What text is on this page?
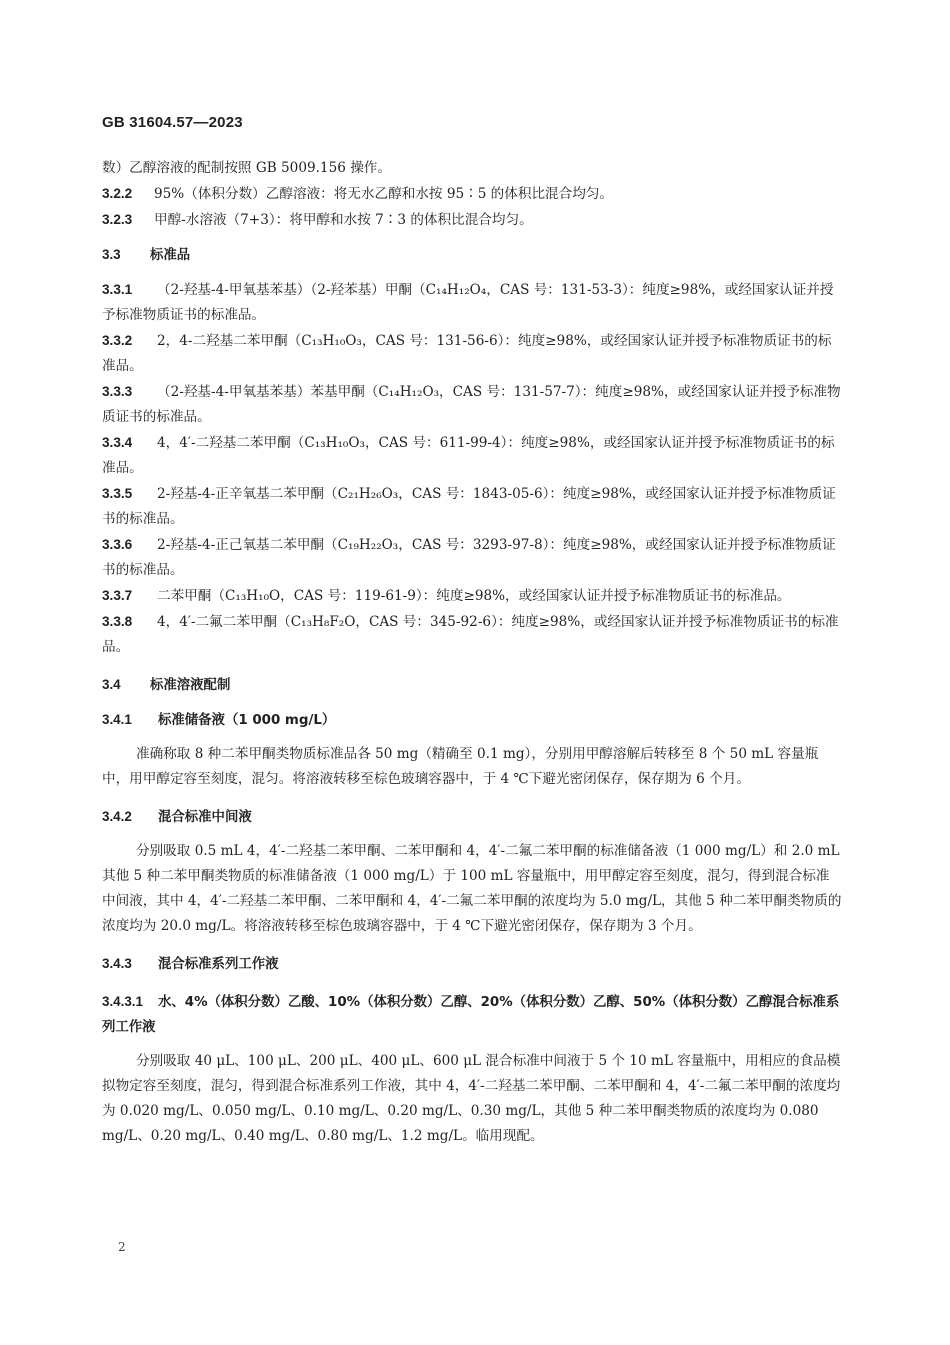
GB 31604.57—2023

数）乙醇溶液的配制按照 GB 5009.156 操作。

3.2.2 95%（体积分数）乙醇溶液：将无水乙醇和水按 95∶5 的体积比混合均匀。

3.2.3 甲醇-水溶液（7+3）：将甲醇和水按 7∶3 的体积比混合均匀。

3.3 标准品

3.3.1 （2-羟基-4-甲氧基苯基）（2-羟苯基）甲酮（C₁₄H₁₂O₄，CAS 号：131-53-3）：纯度≥98%，或经国家认证并授予标准物质证书的标准品。

3.3.2 2，4-二羟基二苯甲酮（C₁₃H₁₀O₃，CAS 号：131-56-6）：纯度≥98%，或经国家认证并授予标准物质证书的标准品。

3.3.3 （2-羟基-4-甲氧基苯基）苯基甲酮（C₁₄H₁₂O₃，CAS 号：131-57-7）：纯度≥98%，或经国家认证并授予标准物质证书的标准品。

3.3.4 4，4′-二羟基二苯甲酮（C₁₃H₁₀O₃，CAS 号：611-99-4）：纯度≥98%，或经国家认证并授予标准物质证书的标准品。

3.3.5 2-羟基-4-正辛氧基二苯甲酮（C₂₁H₂₆O₃，CAS 号：1843-05-6）：纯度≥98%，或经国家认证并授予标准物质证书的标准品。

3.3.6 2-羟基-4-正己氧基二苯甲酮（C₁₉H₂₂O₃，CAS 号：3293-97-8）：纯度≥98%，或经国家认证并授予标准物质证书的标准品。

3.3.7 二苯甲酮（C₁₃H₁₀O，CAS 号：119-61-9）：纯度≥98%，或经国家认证并授予标准物质证书的标准品。

3.3.8 4，4′-二氟二苯甲酮（C₁₃H₈F₂O，CAS 号：345-92-6）：纯度≥98%，或经国家认证并授予标准物质证书的标准品。

3.4 标准溶液配制

3.4.1 标准储备液（1 000 mg/L）

准确称取 8 种二苯甲酮类物质标准品各 50 mg（精确至 0.1 mg），分别用甲醇溶解后转移至 8 个 50 mL 容量瓶中，用甲醇定容至刻度，混匀。将溶液转移至棕色玻璃容器中，于 4 ℃下避光密闭保存，保存期为 6 个月。

3.4.2 混合标准中间液

分别吸取 0.5 mL 4，4′-二羟基二苯甲酮、二苯甲酮和 4，4′-二氟二苯甲酮的标准储备液（1 000 mg/L）和 2.0 mL 其他 5 种二苯甲酮类物质的标准储备液（1 000 mg/L）于 100 mL 容量瓶中，用甲醇定容至刻度，混匀，得到混合标准中间液，其中 4，4′-二羟基二苯甲酮、二苯甲酮和 4，4′-二氟二苯甲酮的浓度均为 5.0 mg/L，其他 5 种二苯甲酮类物质的浓度均为 20.0 mg/L。将溶液转移至棕色玻璃容器中，于 4 ℃下避光密闭保存，保存期为 3 个月。

3.4.3 混合标准系列工作液

3.4.3.1 水、4%（体积分数）乙酸、10%（体积分数）乙醇、20%（体积分数）乙醇、50%（体积分数）乙醇混合标准系列工作液

分别吸取 40 μL、100 μL、200 μL、400 μL、600 μL 混合标准中间液于 5 个 10 mL 容量瓶中，用相应的食品模拟物定容至刻度，混匀，得到混合标准系列工作液，其中 4，4′-二羟基二苯甲酮、二苯甲酮和 4，4′-二氟二苯甲酮的浓度均为 0.020 mg/L、0.050 mg/L、0.10 mg/L、0.20 mg/L、0.30 mg/L，其他 5 种二苯甲酮类物质的浓度均为 0.080 mg/L、0.20 mg/L、0.40 mg/L、0.80 mg/L、1.2 mg/L。临用现配。

2
